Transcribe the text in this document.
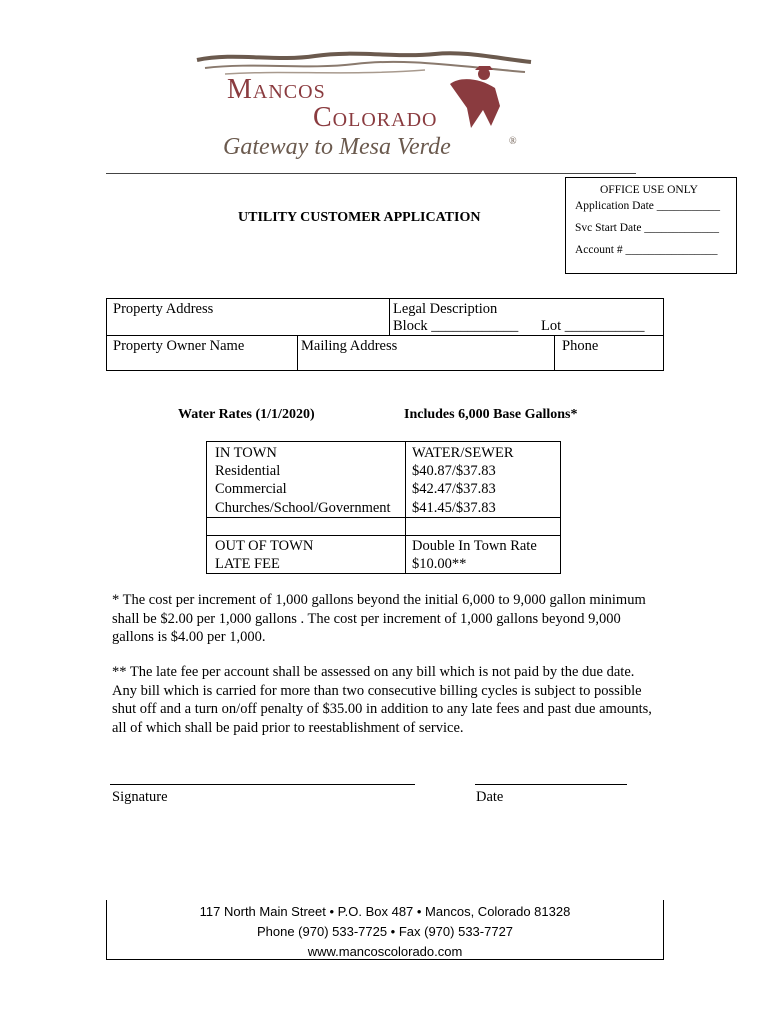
Mancos
Colorado
Gateway to Mesa Verde	®
OFFICE USE ONLY
Application Date ___________
Svc Start Date _____________
Account # ________________
UTILITY CUSTOMER APPLICATION
Property Address	Legal Description
Block ____________ Lot ___________
Property Owner Name	Mailing Address	Phone
Water Rates (1/1/2020)	Includes 6,000 Base Gallons*
IN TOWN	WATER/SEWER
Residential	$40.87/$37.83
Commercial	$42.47/$37.83
Churches/School/Government $41.45/$37.83
OUT OF TOWN	Double In Town Rate
LATE FEE	$10.00**
* The cost per increment of 1,000 gallons beyond the initial 6,000 to 9,000 gallon minimum shall be $2.00 per 1,000 gallons . The cost per increment of 1,000 gallons beyond 9,000 gallons is $4.00 per 1,000.
** The late fee per account shall be assessed on any bill which is not paid by the due date. Any bill which is carried for more than two consecutive billing cycles is subject to possible shut off and a turn on/off penalty of $35.00 in addition to any late fees and past due amounts, all of which shall be paid prior to reestablishment of service.
Signature	Date
117 North Main Street • P.O. Box 487 • Mancos, Colorado 81328
Phone (970) 533-7725 • Fax (970) 533-7727
www.mancoscolorado.com
